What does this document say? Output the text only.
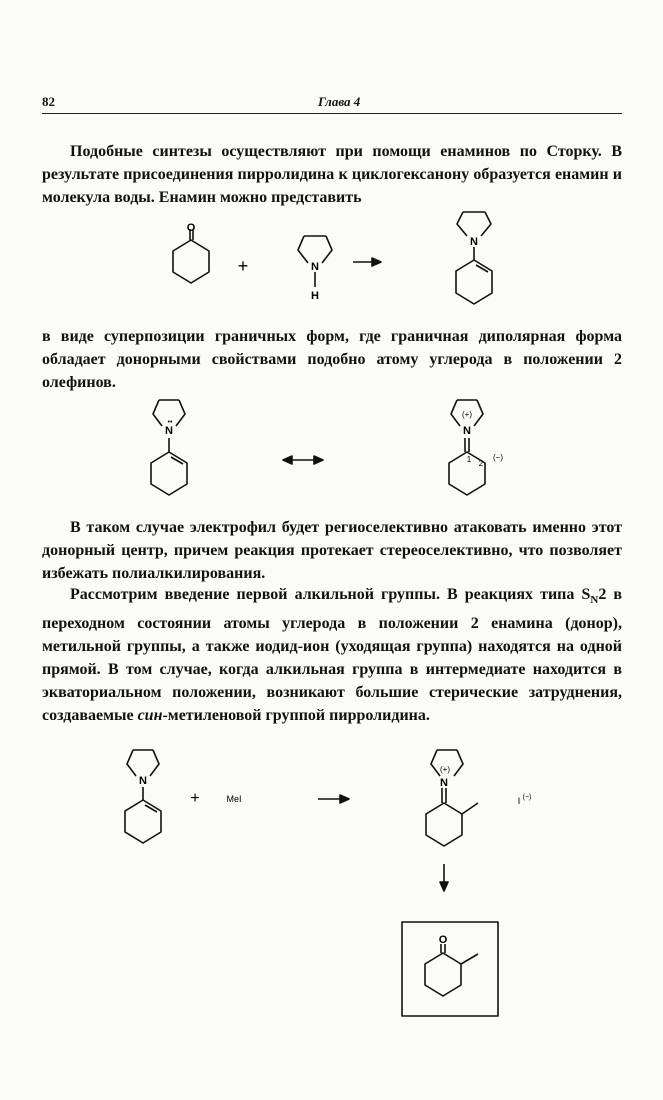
82	Глава 4

Подобные синтезы осуществляют при помощи енаминов по Сторку. В результате присоединения пирролидина к циклогексанону образуется енамин и молекула воды. Енамин можно представить

O
+	N
H
N

в виде суперпозиции граничных форм, где граничная диполярная форма обладает донорными свойствами подобно атому углерода в положении 2 олефинов.

N
••
N
(+)
1 2
(−)

В таком случае электрофил будет региоселективно атаковать именно этот донорный центр, причем реакция протекает стереоселективно, что позволяет избежать полиалкилирования.

Рассмотрим введение первой алкильной группы. В реакциях типа $S_N2$ в переходном состоянии атомы углерода в положении 2 енамина (донор), метильной группы, а также иодид-ион (уходящая группа) находятся на одной прямой. В том случае, когда алкильная группа в интермедиате находится в экваториальном положении, возникают большие стерические затруднения, создаваемые син-метиленовой группой пирролидина.

N
+	MeI
N
(+)
I (−)
O
